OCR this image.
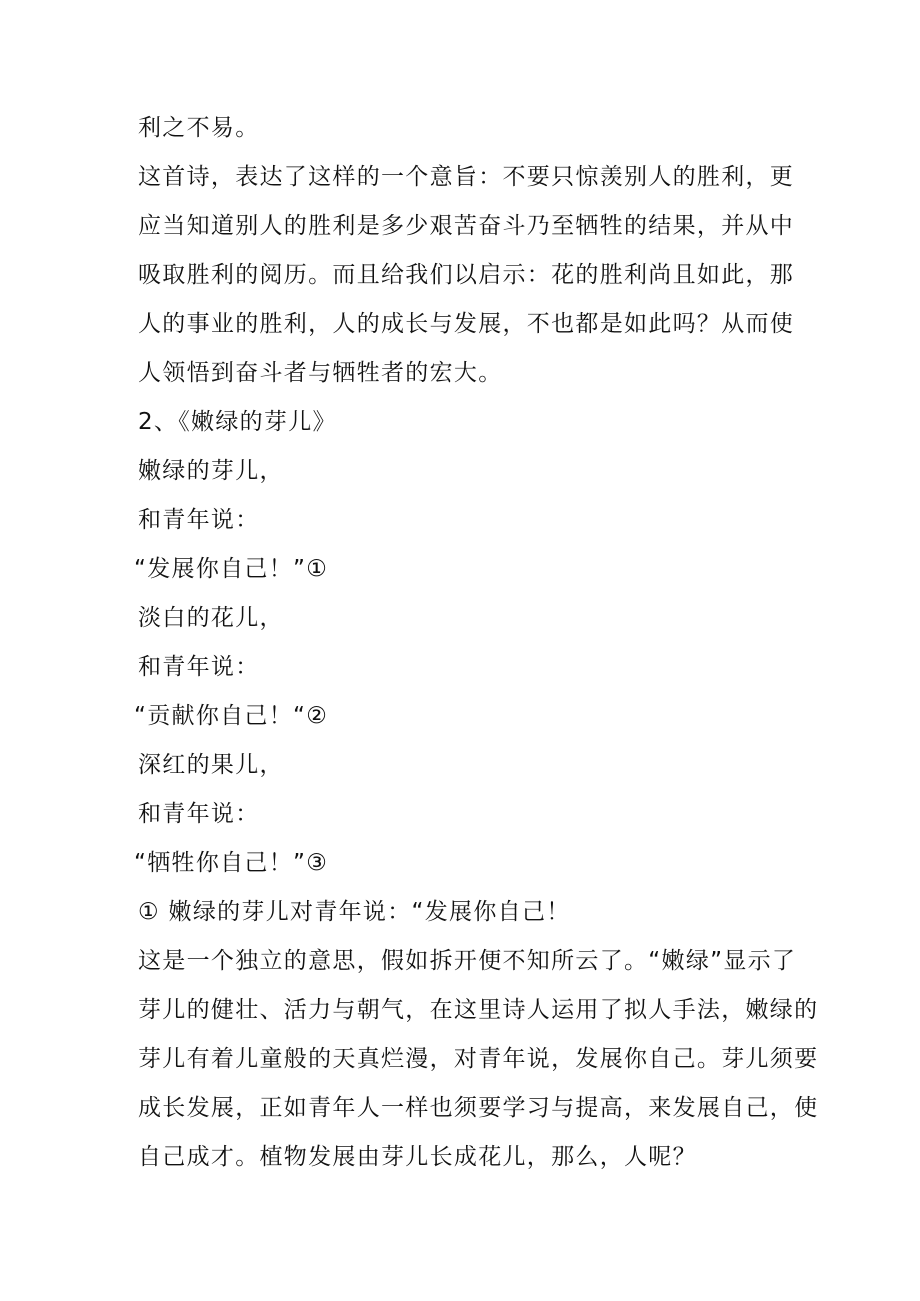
利之不易。
这首诗，表达了这样的一个意旨：不要只惊羡别人的胜利，更
应当知道别人的胜利是多少艰苦奋斗乃至牺牲的结果，并从中
吸取胜利的阅历。而且给我们以启示：花的胜利尚且如此，那
人的事业的胜利，人的成长与发展，不也都是如此吗？从而使
人领悟到奋斗者与牺牲者的宏大。
2、《嫩绿的芽儿》
嫩绿的芽儿，
和青年说：
“发展你自己！”①
淡白的花儿，
和青年说：
“贡献你自己！“②
深红的果儿，
和青年说：
“牺牲你自己！”③
① 嫩绿的芽儿对青年说：“发展你自己！
这是一个独立的意思，假如拆开便不知所云了。“嫩绿”显示了
芽儿的健壮、活力与朝气，在这里诗人运用了拟人手法，嫩绿的
芽儿有着儿童般的天真烂漫，对青年说，发展你自己。芽儿须要
成长发展，正如青年人一样也须要学习与提高，来发展自己，使
自己成才。植物发展由芽儿长成花儿，那么，人呢？
